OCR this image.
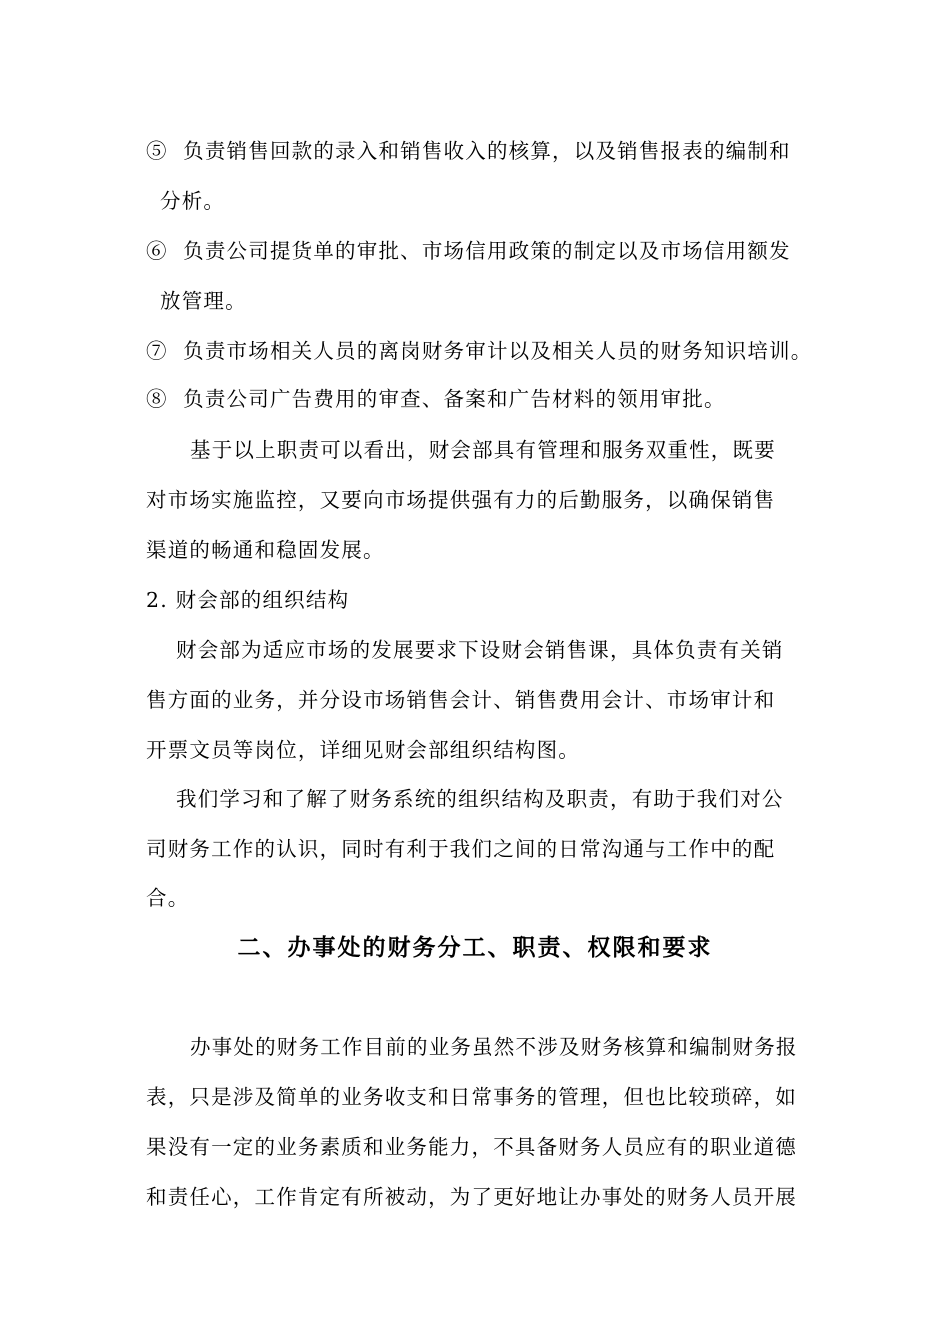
⑤ 负责销售回款的录入和销售收入的核算，以及销售报表的编制和
分析。
⑥ 负责公司提货单的审批、市场信用政策的制定以及市场信用额发
放管理。
⑦ 负责市场相关人员的离岗财务审计以及相关人员的财务知识培训。
⑧ 负责公司广告费用的审查、备案和广告材料的领用审批。
基于以上职责可以看出，财会部具有管理和服务双重性，既要
对市场实施监控，又要向市场提供强有力的后勤服务，以确保销售
渠道的畅通和稳固发展。
2. 财会部的组织结构
财会部为适应市场的发展要求下设财会销售课，具体负责有关销
售方面的业务，并分设市场销售会计、销售费用会计、市场审计和
开票文员等岗位，详细见财会部组织结构图。
我们学习和了解了财务系统的组织结构及职责，有助于我们对公
司财务工作的认识，同时有利于我们之间的日常沟通与工作中的配
合。
二、办事处的财务分工、职责、权限和要求
办事处的财务工作目前的业务虽然不涉及财务核算和编制财务报
表，只是涉及简单的业务收支和日常事务的管理，但也比较琐碎，如
果没有一定的业务素质和业务能力，不具备财务人员应有的职业道德
和责任心，工作肯定有所被动，为了更好地让办事处的财务人员开展
